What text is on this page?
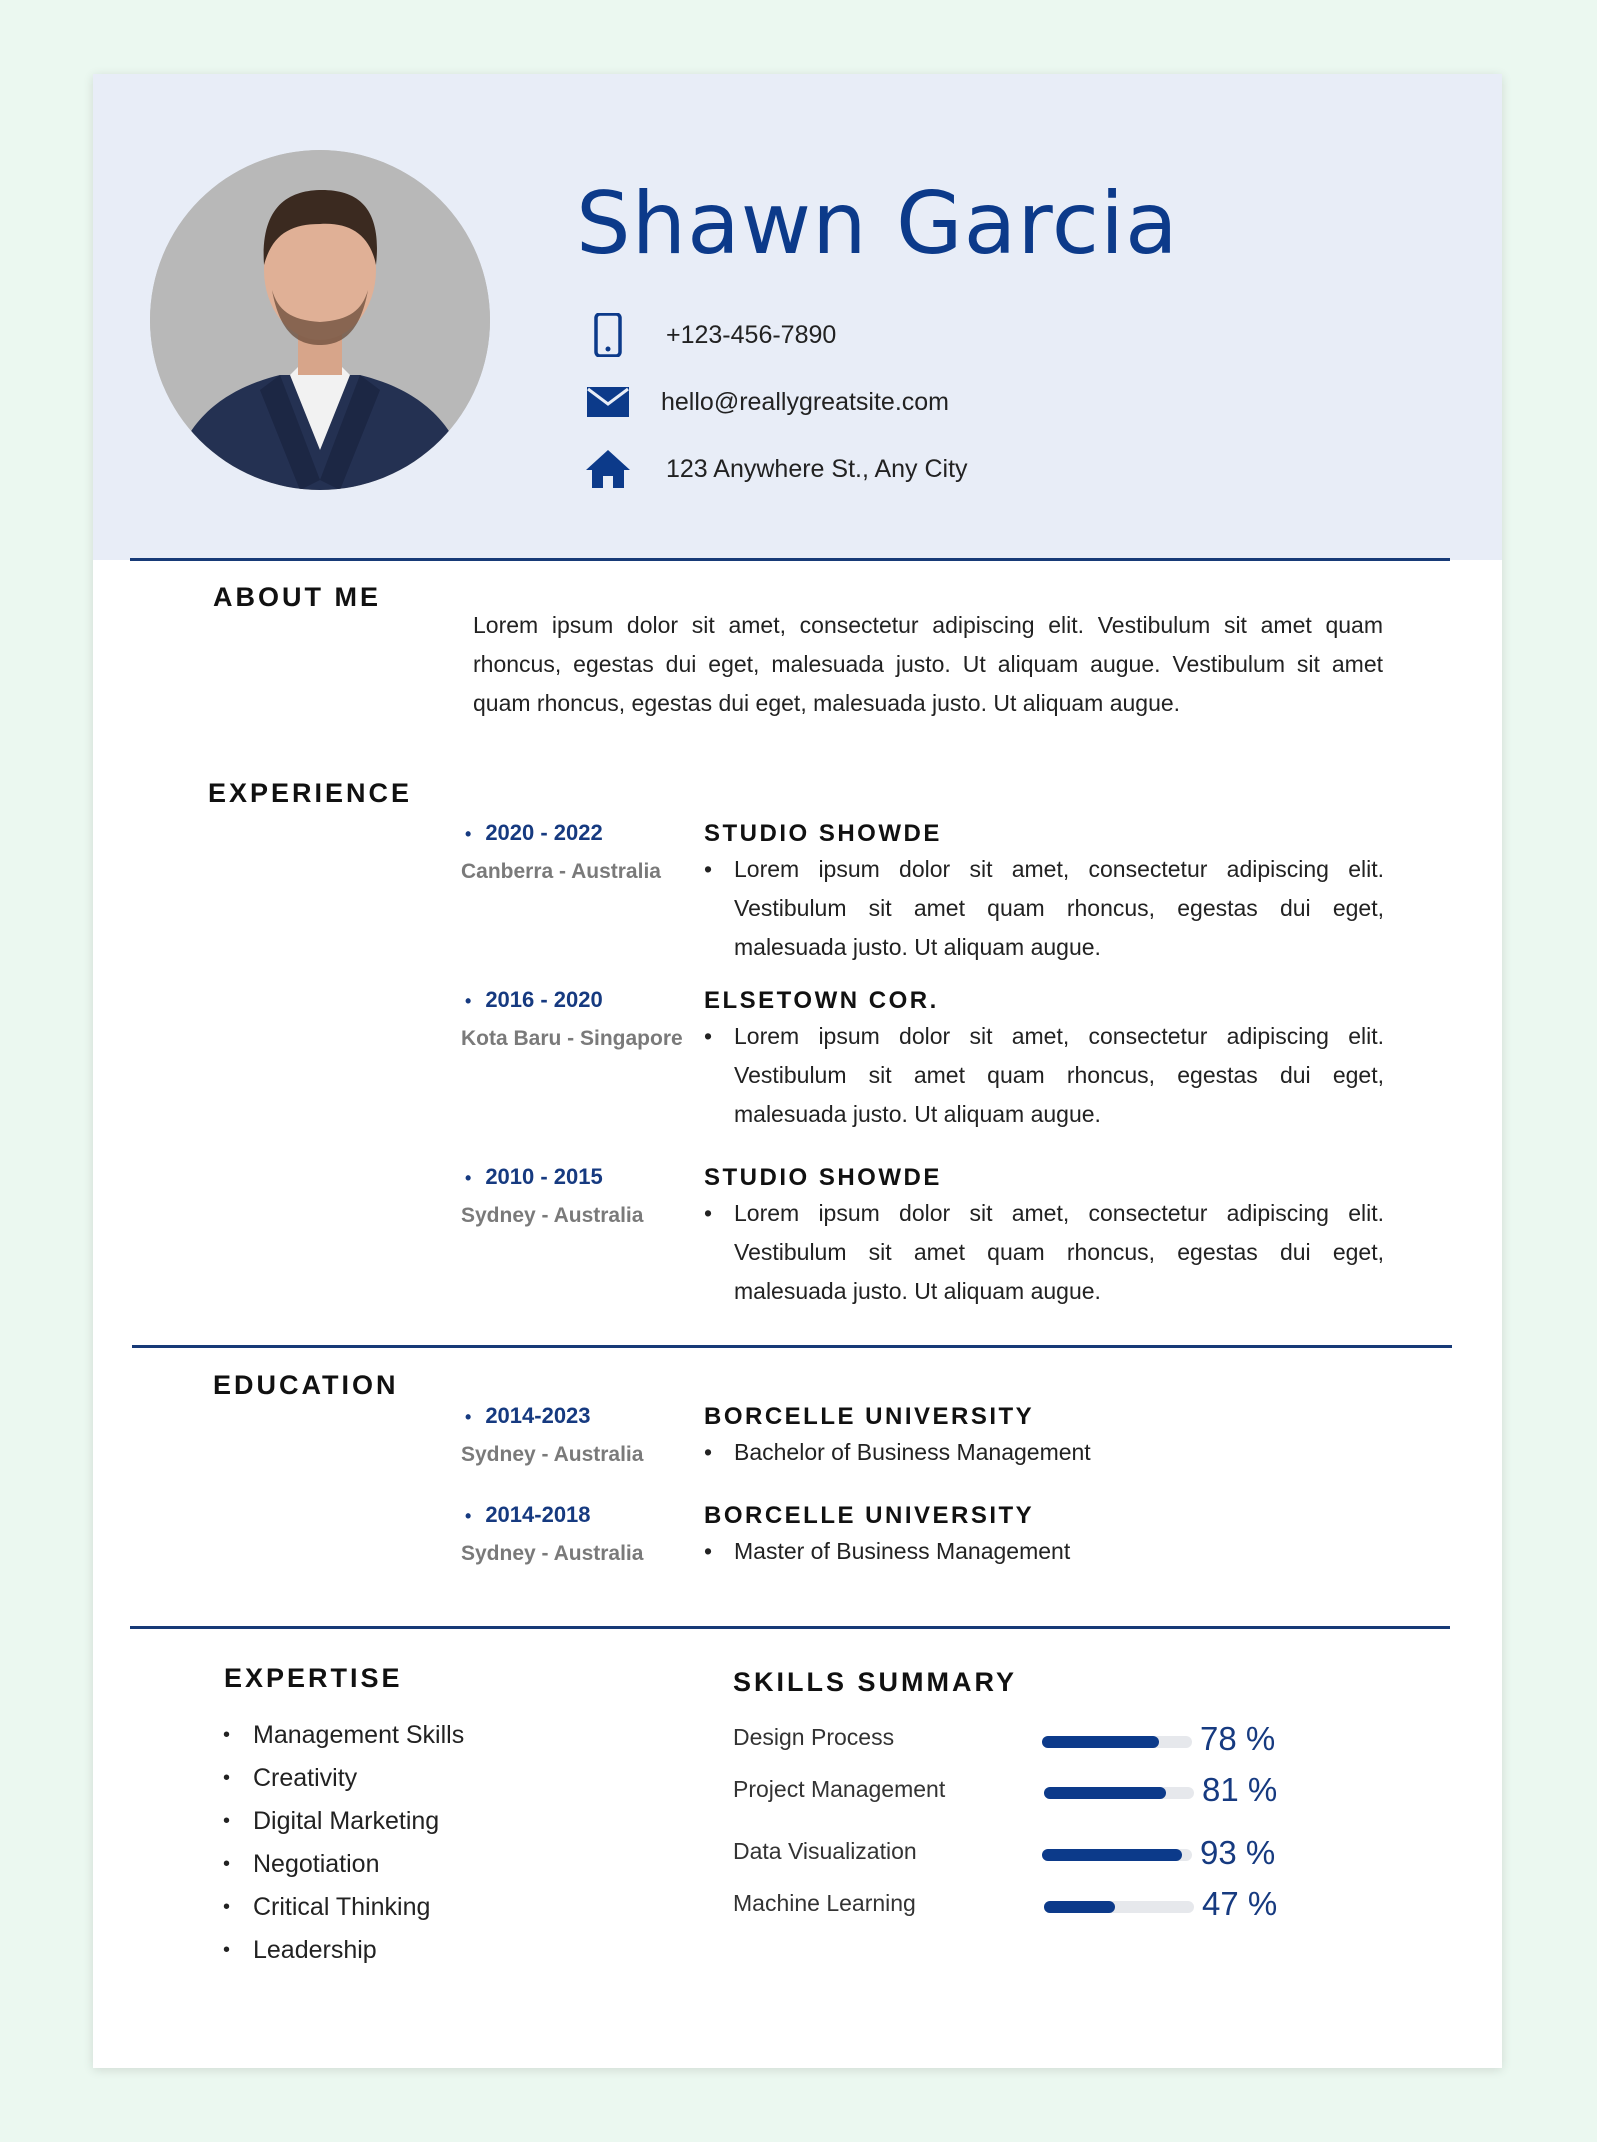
Shawn Garcia
+123-456-7890
hello@reallygreatsite.com
123 Anywhere St., Any City
ABOUT ME
Lorem ipsum dolor sit amet, consectetur adipiscing elit. Vestibulum sit amet quam rhoncus, egestas dui eget, malesuada justo. Ut aliquam augue. Vestibulum sit amet quam rhoncus, egestas dui eget, malesuada justo. Ut aliquam augue.
EXPERIENCE
• 2020 - 2022
Canberra - Australia
STUDIO SHOWDE
• Lorem ipsum dolor sit amet, consectetur adipiscing elit. Vestibulum sit amet quam rhoncus, egestas dui eget, malesuada justo. Ut aliquam augue.
• 2016 - 2020
Kota Baru - Singapore
ELSETOWN COR.
• Lorem ipsum dolor sit amet, consectetur adipiscing elit. Vestibulum sit amet quam rhoncus, egestas dui eget, malesuada justo. Ut aliquam augue.
• 2010 - 2015
Sydney - Australia
STUDIO SHOWDE
• Lorem ipsum dolor sit amet, consectetur adipiscing elit. Vestibulum sit amet quam rhoncus, egestas dui eget, malesuada justo. Ut aliquam augue.
EDUCATION
• 2014-2023
Sydney - Australia
BORCELLE UNIVERSITY
• Bachelor of Business Management
• 2014-2018
Sydney - Australia
BORCELLE UNIVERSITY
• Master of Business Management
EXPERTISE
• Management Skills
• Creativity
• Digital Marketing
• Negotiation
• Critical Thinking
• Leadership
SKILLS SUMMARY
Design Process	78 %
Project Management	81 %
Data Visualization	93 %
Machine Learning	47 %
